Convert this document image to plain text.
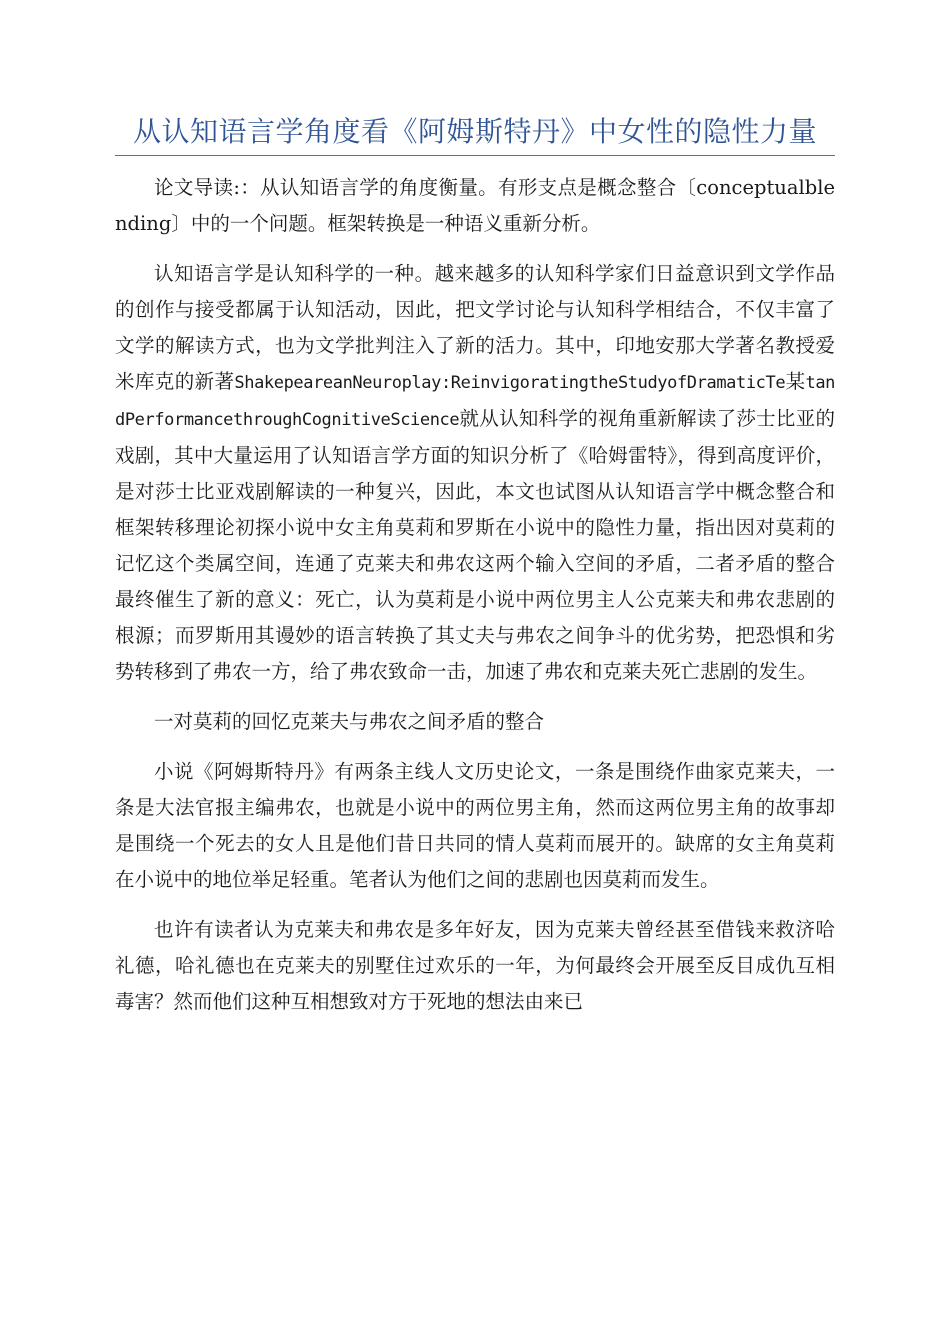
从认知语言学角度看《阿姆斯特丹》中女性的隐性力量

论文导读:：从认知语言学的角度衡量。有形支点是概念整合〔conceptualblending〕中的一个问题。框架转换是一种语义重新分析。

认知语言学是认知科学的一种。越来越多的认知科学家们日益意识到文学作品的创作与接受都属于认知活动，因此，把文学讨论与认知科学相结合，不仅丰富了文学的解读方式，也为文学批判注入了新的活力。其中，印地安那大学著名教授爱米库克的新著ShakepeareanNeuroplay:ReinvigoratingtheStudyofDramaticTe某tandPerformancethroughCognitiveScience就从认知科学的视角重新解读了莎士比亚的戏剧，其中大量运用了认知语言学方面的知识分析了《哈姆雷特》，得到高度评价，是对莎士比亚戏剧解读的一种复兴，因此，本文也试图从认知语言学中概念整合和框架转移理论初探小说中女主角莫莉和罗斯在小说中的隐性力量，指出因对莫莉的记忆这个类属空间，连通了克莱夫和弗农这两个输入空间的矛盾，二者矛盾的整合最终催生了新的意义：死亡，认为莫莉是小说中两位男主人公克莱夫和弗农悲剧的根源；而罗斯用其谩妙的语言转换了其丈夫与弗农之间争斗的优劣势，把恐惧和劣势转移到了弗农一方，给了弗农致命一击，加速了弗农和克莱夫死亡悲剧的发生。

一对莫莉的回忆克莱夫与弗农之间矛盾的整合

小说《阿姆斯特丹》有两条主线人文历史论文，一条是围绕作曲家克莱夫，一条是大法官报主编弗农，也就是小说中的两位男主角，然而这两位男主角的故事却是围绕一个死去的女人且是他们昔日共同的情人莫莉而展开的。缺席的女主角莫莉在小说中的地位举足轻重。笔者认为他们之间的悲剧也因莫莉而发生。

也许有读者认为克莱夫和弗农是多年好友，因为克莱夫曾经甚至借钱来救济哈礼德，哈礼德也在克莱夫的别墅住过欢乐的一年，为何最终会开展至反目成仇互相毒害？然而他们这种互相想致对方于死地的想法由来已
